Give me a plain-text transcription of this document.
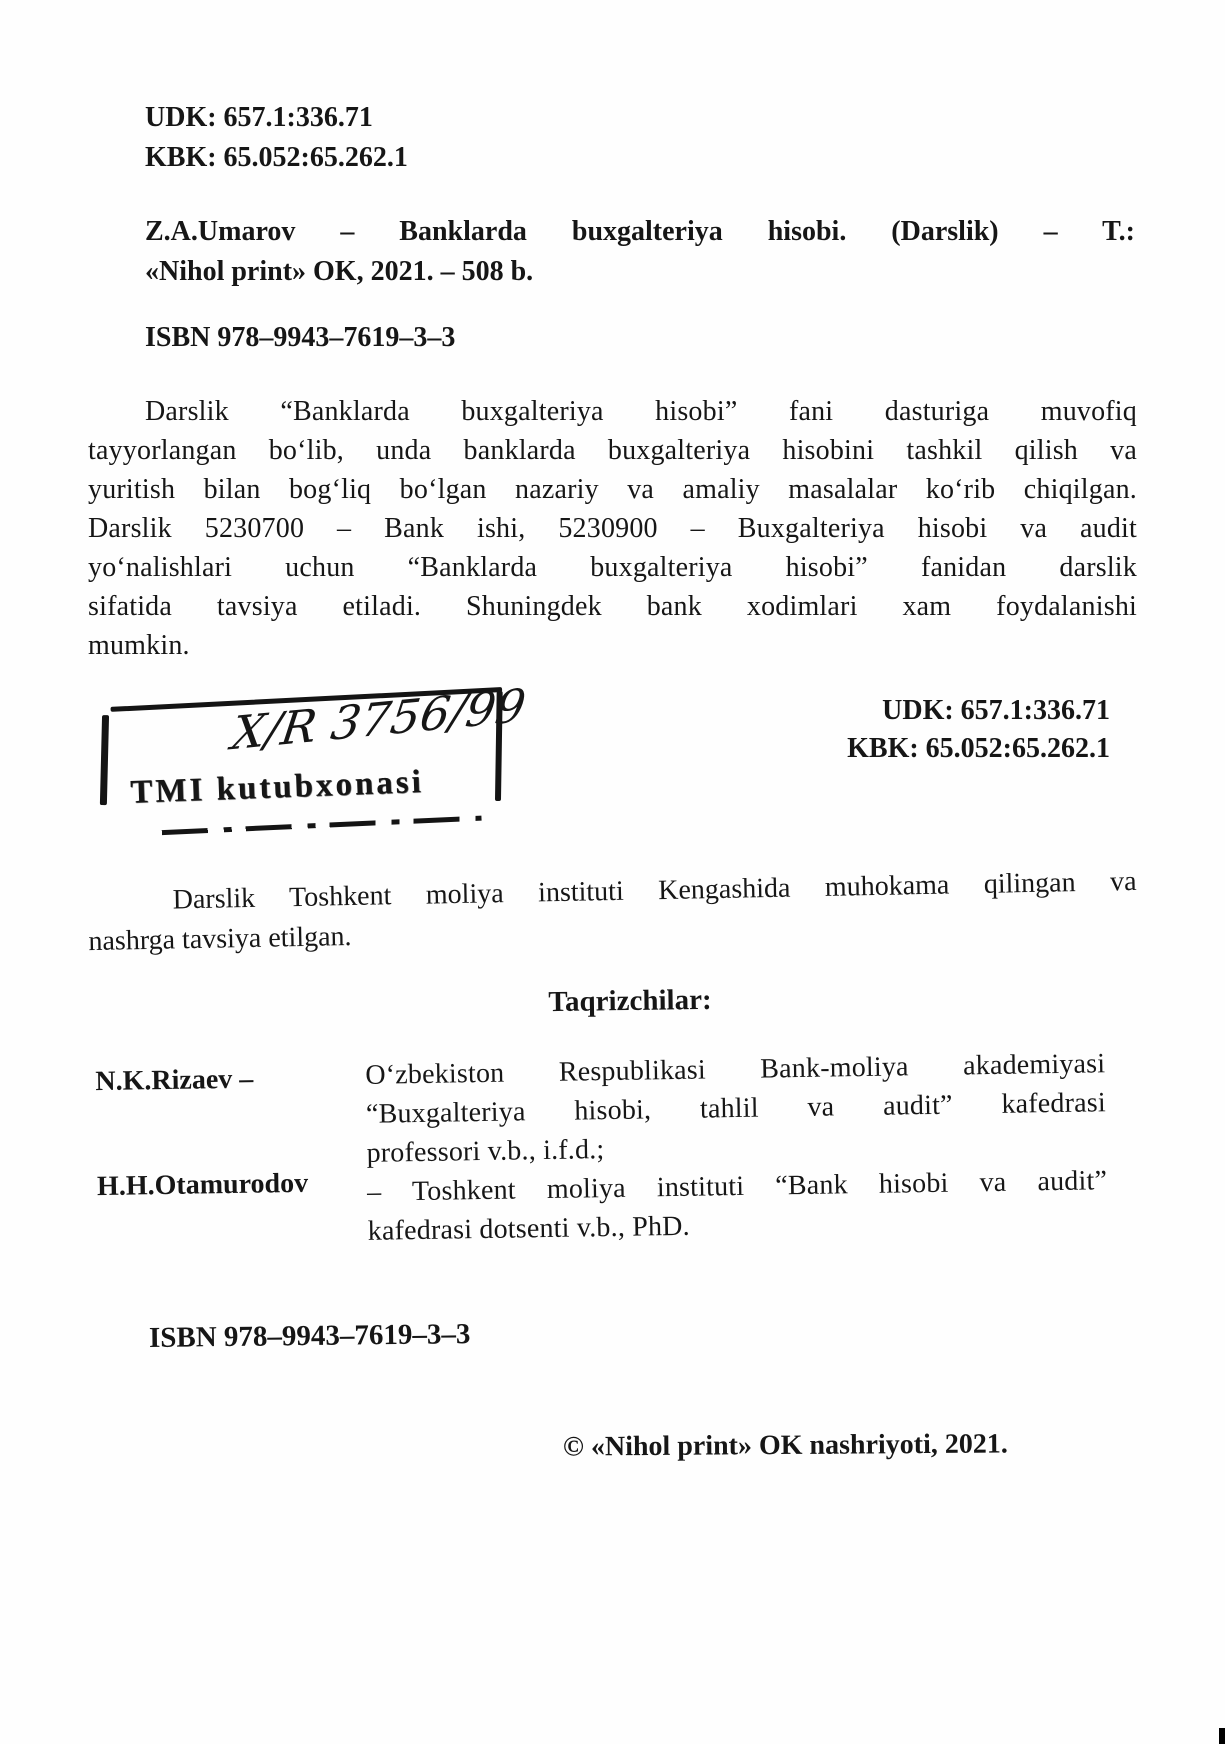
UDK: 657.1:336.71
KBK: 65.052:65.262.1
Z.A.Umarov – Banklarda buxgalteriya hisobi. (Darslik) – T.:
«Nihol print» OK, 2021. – 508 b.
ISBN 978–9943–7619–3–3
Darslik “Banklarda buxgalteriya hisobi” fani dasturiga muvofiq
tayyorlangan bo‘lib, unda banklarda buxgalteriya hisobini tashkil qilish va
yuritish bilan bog‘liq bo‘lgan nazariy va amaliy masalalar ko‘rib chiqilgan.
Darslik 5230700 – Bank ishi, 5230900 – Buxgalteriya hisobi va audit
yo‘nalishlari uchun “Banklarda buxgalteriya hisobi” fanidan darslik
sifatida tavsiya etiladi. Shuningdek bank xodimlari xam foydalanishi
mumkin.
X/R 3756/99
TMI kutubxonasi
UDK: 657.1:336.71
KBK: 65.052:65.262.1
Darslik Toshkent moliya instituti Kengashida muhokama qilingan va
nashrga tavsiya etilgan.
Taqrizchilar:
N.K.Rizaev –	O‘zbekiston Respublikasi Bank-moliya akademiyasi
“Buxgalteriya hisobi, tahlil va audit” kafedrasi
professori v.b., i.f.d.;
H.H.Otamurodov – Toshkent moliya instituti “Bank hisobi va audit”
kafedrasi dotsenti v.b., PhD.
ISBN 978–9943–7619–3–3
© «Nihol print» OK nashriyoti, 2021.
